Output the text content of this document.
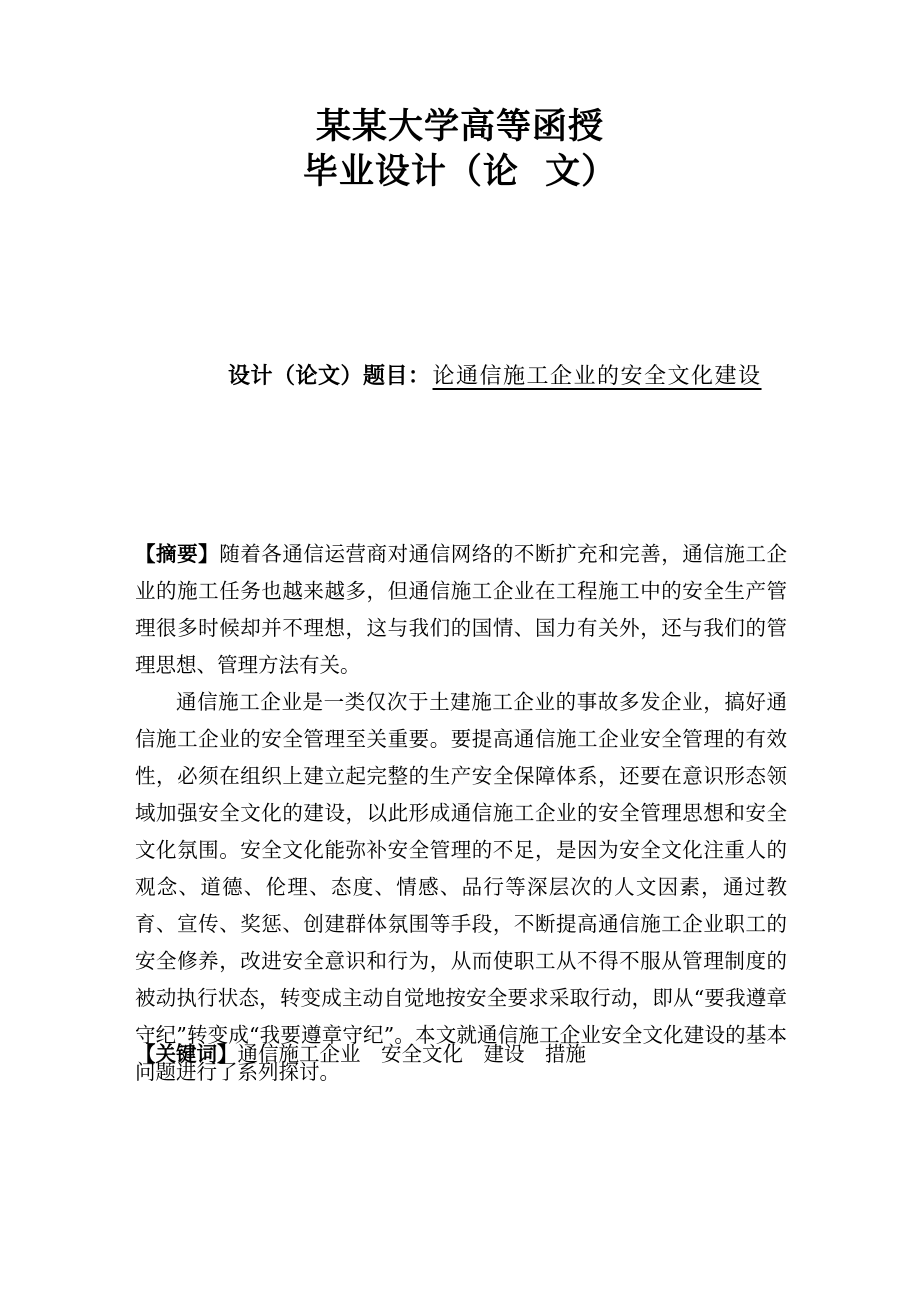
某某大学高等函授
毕业设计（论  文）
设计（论文）题目：论通信施工企业的安全文化建设

【摘要】随着各通信运营商对通信网络的不断扩充和完善，通信施工企业的施工任务也越来越多，但通信施工企业在工程施工中的安全生产管理很多时候却并不理想，这与我们的国情、国力有关外，还与我们的管理思想、管理方法有关。

通信施工企业是一类仅次于土建施工企业的事故多发企业，搞好通信施工企业的安全管理至关重要。要提高通信施工企业安全管理的有效性，必须在组织上建立起完整的生产安全保障体系，还要在意识形态领域加强安全文化的建设，以此形成通信施工企业的安全管理思想和安全文化氛围。安全文化能弥补安全管理的不足，是因为安全文化注重人的观念、道德、伦理、态度、情感、品行等深层次的人文因素，通过教育、宣传、奖惩、创建群体氛围等手段，不断提高通信施工企业职工的安全修养，改进安全意识和行为，从而使职工从不得不服从管理制度的被动执行状态，转变成主动自觉地按安全要求采取行动，即从“要我遵章守纪”转变成“我要遵章守纪”。本文就通信施工企业安全文化建设的基本问题进行了系列探讨。

【关键词】通信施工企业　安全文化　建设　措施
